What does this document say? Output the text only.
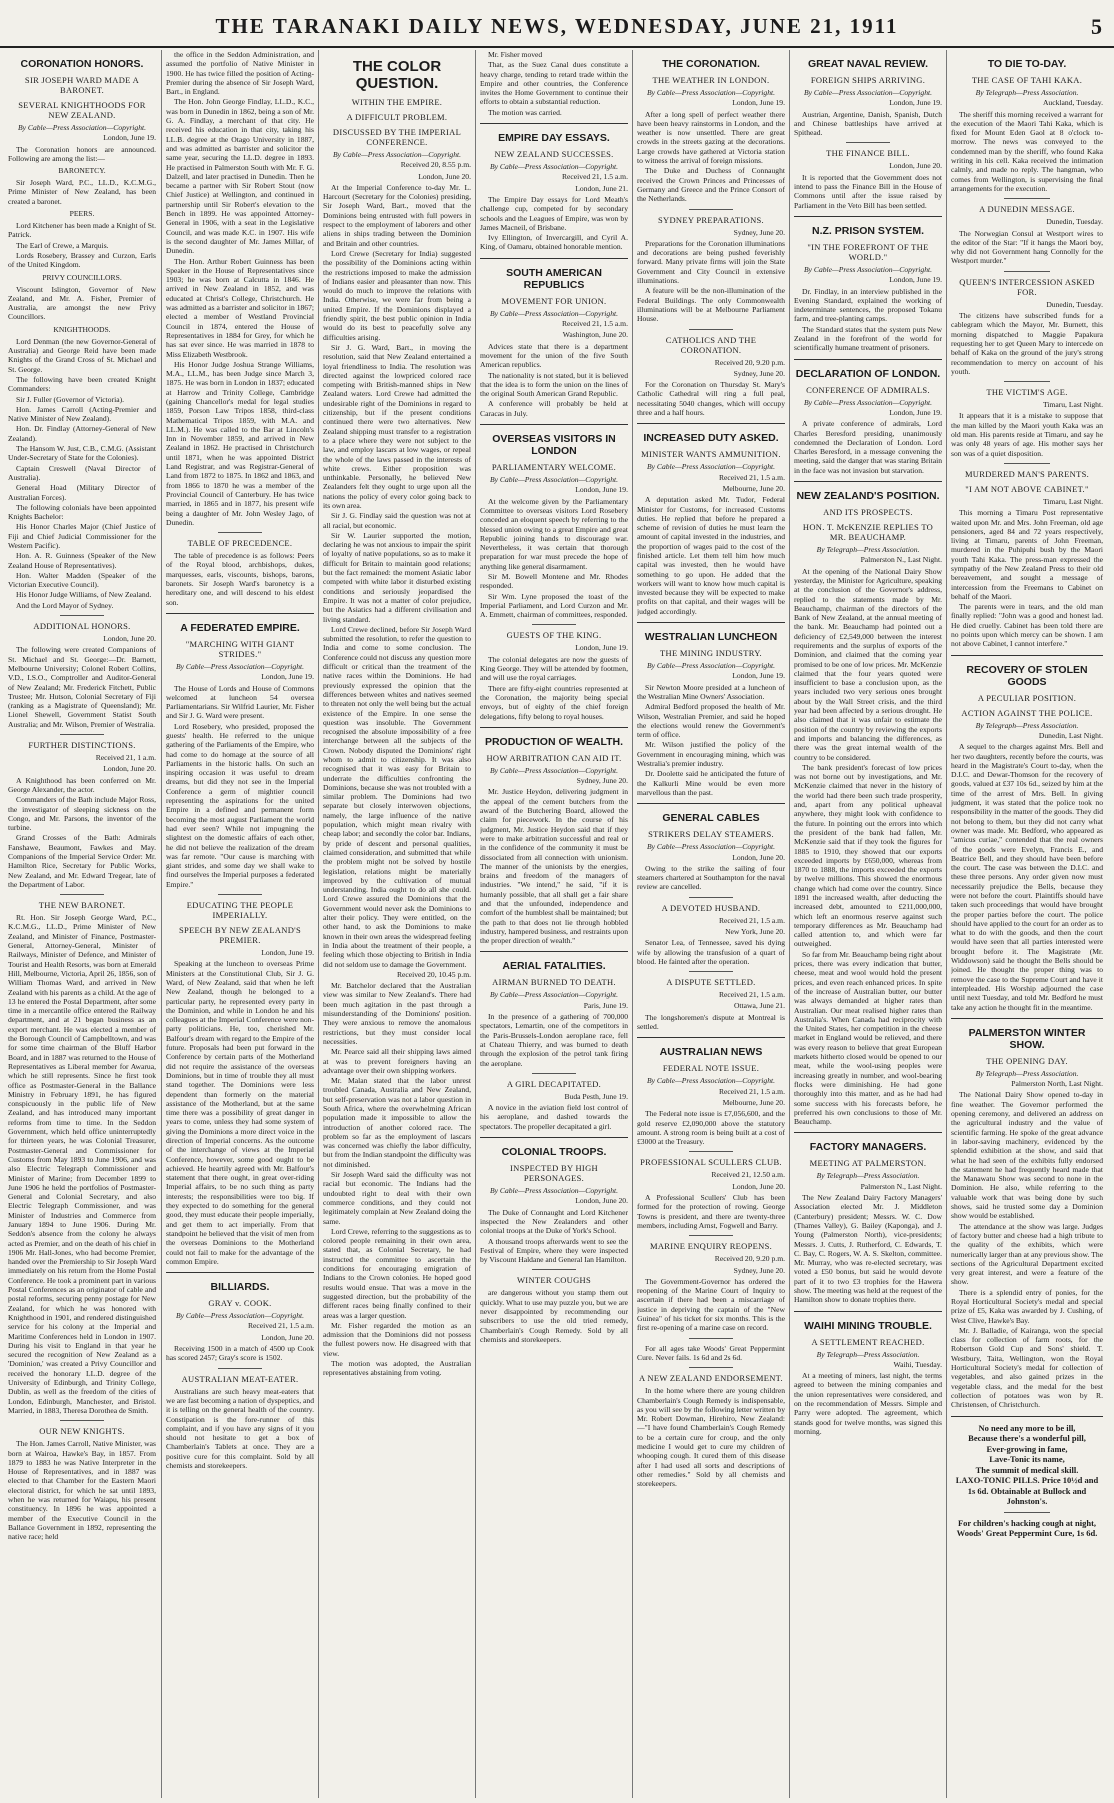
THE TARANAKI DAILY NEWS, WEDNESDAY, JUNE 21, 1911	5
CORONATION HONORS.
SIR JOSEPH WARD MADE A BARONET.
SEVERAL KNIGHTHOODS FOR NEW ZEALAND.
By Cable—Press Association—Copyright.
London, June 19.

The Coronation honors are announced. Following are among the list:—

BARONETCY.

Sir Joseph Ward, P.C., LL.D., K.C.M.G., Prime Minister of New Zealand, has been created a baronet.

PEERS.

Lord Kitchener has been made a Knight of St. Patrick.

The Earl of Crewe, a Marquis.

Lords Rosebery, Brassey and Curzon, Earls of the United Kingdom.

PRIVY COUNCILLORS.

Viscount Islington, Governor of New Zealand, and Mr. A. Fisher, Premier of Australia, are amongst the new Privy Councillors.

KNIGHTHOODS.

Lord Denman (the new Governor-General of Australia) and George Reid have been made Knights of the Grand Cross of St. Michael and St. George.

The following have been created Knight Commanders:

Sir J. Fuller (Governor of Victoria).

Hon. James Carroll (Acting-Premier and Native Minister of New Zealand).

Hon. Dr. Findlay (Attorney-General of New Zealand).

The Hansom W. Just, C.B., C.M.G. (Assistant Under-Secretary of State for the Colonies).

Captain Creswell (Naval Director of Australia).

General Hoad (Military Director of Australian Forces).

The following colonials have been appointed Knights Bachelor:

His Honor Charles Major (Chief Justice of Fiji and Chief Judicial Commissioner for the Western Pacific).

Hon. A. R. Guinness (Speaker of the New Zealand House of Representatives).

Hon. Walter Madden (Speaker of the Victorian Executive Council).

His Honor Judge Williams, of New Zealand.

And the Lord Mayor of Sydney.

ADDITIONAL HONORS.
London, June 20.

The following were created Companions of St. Michael and St. George:—Dr. Barnett, Melbourne University; Colonel Robert Collins, V.D., I.S.O., Comptroller and Auditor-General of New Zealand; Mr. Frederick Fitchett, Public Trustee; Mr. Hutson, Colonial Secretary of Fiji (ranking as a Magistrate of Queensland); Mr. Lionel Shewell, Government Statist South Australia; and Mr. Wilson, Premier of Westralia.

FURTHER DISTINCTIONS.
Received 21, 1 a.m.
London, June 20.

A Knighthood has been conferred on Mr. George Alexander, the actor.

Commanders of the Bath include Major Ross, the investigator of sleeping sickness on the Congo, and Mr. Parsons, the inventor of the turbine.

Grand Crosses of the Bath: Admirals Fanshawe, Beaumont, Fawkes and May. Companions of the Imperial Service Order: Mr. Hamilton Rice, Secretary for Public Works, New Zealand, and Mr. Edward Tregear, late of the Department of Labor.

THE NEW BARONET.

Rt. Hon. Sir Joseph George Ward, P.C., K.C.M.G., LL.D., Prime Minister of New Zealand, and Minister of Finance, Postmaster-General, Attorney-General, Minister of Railways, Minister of Defence, and Minister of Tourist and Health Resorts, was born at Emerald Hill, Melbourne, Victoria, April 26, 1856, son of William Thomas Ward, and arrived in New Zealand with his parents as a child. At the age of 13 he entered the Postal Department, after some time in a mercantile office entered the Railway department, and at 21 began business as an export merchant. He was elected a member of the Borough Council of Campbelltown, and was for some time chairman of the Bluff Harbor Board, and in 1887 was returned to the House of Representatives as Liberal member for Awarua, which he still represents. Since he first took office as Postmaster-General in the Ballance Ministry in February 1891, he has figured conspicuously in the public life of New Zealand, and has introduced many important reforms from time to time. In the Seddon Government, which held office uninterruptedly for thirteen years, he was Colonial Treasurer, Postmaster-General and Commissioner for Customs from May 1893 to June 1906, and was also Electric Telegraph Commissioner and Minister of Marine; from December 1899 to June 1906 he held the portfolios of Postmaster-General and Colonial Secretary, and also Electric Telegraph Commissioner, and was Minister of Industries and Commerce from January 1894 to June 1906. During Mr. Seddon's absence from the colony he always acted as Premier, and on the death of his chief in 1906 Mr. Hall-Jones, who had become Premier, handed over the Premiership to Sir Joseph Ward immediately on his return from the Home Postal Conference. He took a prominent part in various Postal Conferences as an originator of cable and postal reforms, securing penny postage for New Zealand, for which he was honored with Knighthood in 1901, and rendered distinguished service for his colony at the Imperial and Maritime Conferences held in London in 1907. During his visit to England in that year he secured the recognition of New Zealand as a 'Dominion,' was created a Privy Councillor and received the honorary LL.D. degree of the University of Edinburgh, and Trinity College, Dublin, as well as the freedom of the cities of London, Edinburgh, Manchester, and Bristol. Married, in 1883, Theresa Dorothea de Smith.

OUR NEW KNIGHTS.

The Hon. James Carroll, Native Minister, was born at Wairoa, Hawke's Bay, in 1857. From 1879 to 1883 he was Native Interpreter in the House of Representatives, and in 1887 was elected to that Chamber for the Eastern Maori electoral district, for which he sat until 1893, when he was returned for Waiapu, his present constituency. In 1896 he was appointed a member of the Executive Council in the Ballance Government in 1892, representing the native race; held

the office in the Seddon Administration, and assumed the portfolio of Native Minister in 1900. He has twice filled the position of Acting-Premier during the absence of Sir Joseph Ward, Bart., in England.

The Hon. John George Findlay, LL.D., K.C., was born in Dunedin in 1862, being a son of Mr. G. A. Findlay, a merchant of that city. He received his education in that city, taking his LL.B. degree at the Otago University in 1887, and was admitted as barrister and solicitor the same year, securing the LL.D. degree in 1893. He practised in Palmerston South with Mr. F. G. Dalzell, and later practised in Dunedin. Then he became a partner with Sir Robert Stout (now Chief Justice) at Wellington, and continued in partnership until Sir Robert's elevation to the Bench in 1899. He was appointed Attorney-General in 1906, with a seat in the Legislative Council, and was made K.C. in 1907. His wife is the second daughter of Mr. James Millar, of Dunedin.

The Hon. Arthur Robert Guinness has been Speaker in the House of Representatives since 1903; he was born at Calcutta in 1846. He arrived in New Zealand in 1852, and was educated at Christ's College, Christchurch. He was admitted as a barrister and solicitor in 1867; elected a member of Westland Provincial Council in 1874, entered the House of Representatives in 1884 for Grey, for which he has sat ever since. He was married in 1878 to Miss Elizabeth Westbrook.

His Honor Judge Joshua Strange Williams, M.A., LL.M., has been Judge since March 3, 1875. He was born in London in 1837; educated at Harrow and Trinity College, Cambridge (gaining Chancellor's medal for legal studies 1859, Porson Law Tripos 1858, third-class Mathematical Tripos 1859, with M.A. and LL.M.). He was called to the Bar at Lincoln's Inn in November 1859, and arrived in New Zealand in 1862. He practised in Christchurch until 1871, when he was appointed District Land Registrar, and was Registrar-General of Land from 1872 to 1875. In 1862 and 1863, and from 1866 to 1870 he was a member of the Provincial Council of Canterbury. He has twice married, in 1865 and in 1877, his present wife being a daughter of Mr. John Wesley Jago, of Dunedin.

TABLE OF PRECEDENCE.

The table of precedence is as follows: Peers of the Royal blood, archbishops, dukes, marquesses, earls, viscounts, bishops, barons, baronets. Sir Joseph Ward's baronetcy is a hereditary one, and will descend to his eldest son.

A FEDERATED EMPIRE.
"MARCHING WITH GIANT STRIDES."
By Cable—Press Association—Copyright.
London, June 19.

The House of Lords and House of Commons welcomed at luncheon 54 oversea Parliamentarians. Sir Wilfrid Laurier, Mr. Fisher and Sir J. G. Ward were present.

Lord Rosebery, who presided, proposed the guests' health. He referred to the unique gathering of the Parliaments of the Empire, who had come to do homage at the source of all Parliaments in the historic halls. On such an inspiring occasion it was useful to dream dreams, but did they not see in the Imperial Conference a germ of mightier council representing the aspirations for the united Empire in a defined and permanent form becoming the most august Parliament the world had ever seen? While not impugning the slightest on the domestic affairs of each other, he did not believe the realization of the dream was far remote. "Our cause is marching with giant strides, and some day we shall wake to find ourselves the Imperial purposes a federated Empire."

EDUCATING THE PEOPLE IMPERIALLY.
SPEECH BY NEW ZEALAND'S PREMIER.
London, June 19.

Speaking at the luncheon to overseas Prime Ministers at the Constitutional Club, Sir J. G. Ward, of New Zealand, said that when he left New Zealand, though he belonged to a particular party, he represented every party in the Dominion, and while in London he and his colleagues at the Imperial Conference were non-party politicians. He, too, cherished Mr. Balfour's dream with regard to the Empire of the future. Proposals had been put forward in the Conference by certain parts of the Motherland did not require the assistance of the overseas Dominions, but in time of trouble they all must stand together. The Dominions were less dependent than formerly on the material assistance of the Motherland, but at the same time there was a possibility of great danger in years to come, unless they had some system of giving the Dominions a more direct voice in the direction of Imperial concerns. As the outcome of the interchange of views at the Imperial Conference, however, some good ought to be achieved. He heartily agreed with Mr. Balfour's statement that there ought, in great over-riding Imperial affairs, to be no such thing as party interests; the responsibilities were too big. If they expected to do something for the general good, they must educate their people imperially, and get them to act imperially. From that standpoint he believed that the visit of men from the overseas Dominions to the Motherland could not fail to make for the advantage of the common Empire.

BILLIARDS.
GRAY v. COOK.
By Cable—Press Association—Copyright.
Received 21, 1.5 a.m.
London, June 20.

Receiving 1500 in a match of 4500 up Cook has scored 2457; Gray's score is 1502.

AUSTRALIAN MEAT-EATER.

Australians are such heavy meat-eaters that we are fast becoming a nation of dyspeptics, and it is telling on the general health of the country. Constipation is the fore-runner of this complaint, and if you have any signs of it you should not hesitate to get a box of Chamberlain's Tablets at once. They are a positive cure for this complaint. Sold by all chemists and storekeepers.

THE COLOR QUESTION.
WITHIN THE EMPIRE.
A DIFFICULT PROBLEM.
DISCUSSED BY THE IMPERIAL CONFERENCE.
By Cable—Press Association—Copyright.
Received 20, 8.55 p.m.
London, June 20.

At the Imperial Conference to-day Mr. L. Harcourt (Secretary for the Colonies) presiding, Sir Joseph Ward, Bart., moved that the Dominions being entrusted with full powers in respect to the employment of laborers and other aliens in ships trading between the Dominion and Britain and other countries.

Lord Crewe (Secretary for India) suggested the possibility of the Dominions acting within the restrictions imposed to make the admission of Indians easier and pleasanter than now. This would do much to improve the relations with India. Otherwise, we were far from being a united Empire. If the Dominions displayed a friendly spirit, the best public opinion in India would do its best to peacefully solve any difficulties arising.

Sir J. G. Ward, Bart., in moving the resolution, said that New Zealand entertained a loyal friendliness to India. The resolution was directed against the lowpriced colored race competing with British-manned ships in New Zealand waters. Lord Crewe had admitted the undesirable right of the Dominions in regard to citizenship, but if the present conditions continued there were two alternatives. New Zealand shipping must transfer to a registration to a place where they were not subject to the law, and employ lascars at low wages, or repeal the whole of the laws passed in the interests of white crews. Either proposition was unthinkable. Personally, he believed New Zealanders felt they ought to urge upon all the nations the policy of every color going back to its own area.

Sir J. G. Findlay said the question was not at all racial, but economic.

Sir W. Laurier supported the motion, declaring he was not anxious to impair the spirit of loyalty of native populations, so as to make it difficult for Britain to maintain good relations; but the fact remained: the moment Asiatic labor competed with white labor it disturbed existing conditions and seriously jeopardised the Empire. It was not a matter of color prejudice, but the Asiatics had a different civilisation and living standard.

Lord Crewe declined, before Sir Joseph Ward submitted the resolution, to refer the question to India and come to some conclusion. The Conference could not discuss any question more difficult or critical than the treatment of the native races within the Dominions. He had previously expressed the opinion that the differences between whites and natives seemed to threaten not only the well being but the actual existence of the Empire. In one sense the question was insoluble. The Government recognised the absolute impossibility of a free interchange between all the subjects of the Crown. Nobody disputed the Dominions' right whom to admit to citizenship. It was also recognised that it was easy for Britain to underrate the difficulties confronting the Dominions, because she was not troubled with a similar problem. The Dominions had two separate but closely interwoven objections, namely, the large influence of the native population, which might mean rivalry with cheap labor; and secondly the color bar. Indians, by pride of descent and personal qualities, claimed consideration, and submitted that while the problem might not be solved by hostile legislation, relations might be materially improved by the cultivation of mutual understanding. India ought to do all she could. Lord Crewe assured the Dominions that the Government would never ask the Dominions to alter their policy. They were entitled, on the other hand, to ask the Dominions to make known in their own areas the widespread feeling in India about the treatment of their people, a feeling which those objecting to British in India did not seldom use to damage the Government.

Received 20, 10.45 p.m.

Mr. Batchelor declared that the Australian view was similar to New Zealand's. There had been much agitation in the past through a misunderstanding of the Dominions' position. They were anxious to remove the anomalous restrictions, but they must consider local necessities.

Mr. Pearce said all their shipping laws aimed at was to prevent foreigners having an advantage over their own shipping workers.

Mr. Malan stated that the labor unrest troubled Canada, Australia and New Zealand, but self-preservation was not a labor question in South Africa, where the overwhelming African population made it impossible to allow the introduction of another colored race. The problem so far as the employment of lascars was concerned was chiefly the labor difficulty, but from the Indian standpoint the difficulty was not diminished.

Sir Joseph Ward said the difficulty was not racial but economic. The Indians had the undoubted right to deal with their own commerce conditions, and they could not legitimately complain at New Zealand doing the same.

Lord Crewe, referring to the suggestions as to colored people remaining in their own area, stated that, as Colonial Secretary, he had instructed the committee to ascertain the conditions for encouraging emigration of Indians to the Crown colonies. He hoped good results would ensue. That was a move in the suggested direction, but the probability of the different races being finally confined to their areas was a larger question.

Mr. Fisher regarded the motion as an admission that the Dominions did not possess the fullest powers now. He disagreed with that view.

The motion was adopted, the Australian representatives abstaining from voting.

Mr. Fisher moved

That, as the Suez Canal dues constitute a heavy charge, tending to retard trade within the Empire and other countries, the Conference invites the Home Government to continue their efforts to obtain a substantial reduction.

The motion was carried.

EMPIRE DAY ESSAYS.
NEW ZEALAND SUCCESSES.
By Cable—Press Association—Copyright.
Received 21, 1.5 a.m.
London, June 21.

The Empire Day essays for Lord Meath's challenge cup, competed for by secondary schools and the Leagues of Empire, was won by James Macneil, of Brisbane.

Ivy Ellington, of Invercargill, and Cyril A. King, of Oamaru, obtained honorable mention.

SOUTH AMERICAN REPUBLICS
MOVEMENT FOR UNION.
By Cable—Press Association—Copyright.
Received 21, 1.5 a.m.
Washington, June 20.

Advices state that there is a department movement for the union of the five South American republics.

The nationality is not stated, but it is believed that the idea is to form the union on the lines of the original South American Grand Republic.

A conference will probably be held at Caracas in July.

OVERSEAS VISITORS IN LONDON
PARLIAMENTARY WELCOME.
By Cable—Press Association—Copyright.
London, June 19.

At the welcome given by the Parliamentary Committee to overseas visitors Lord Rosebery conceded an eloquent speech by referring to the blessed union owing to a great Empire and great Republic joining hands to discourage war. Nevertheless, it was certain that thorough preparation for war must precede the hope of anything like general disarmament.

Sir M. Bowell Montene and Mr. Rhodes responded.

Sir Wm. Lyne proposed the toast of the Imperial Parliament, and Lord Curzon and Mr. A. Emmett, chairman of committees, responded.

GUESTS OF THE KING.
London, June 19.

The colonial delegates are now the guests of King George. They will be attended by footmen, and will use the royal carriages.

There are fifty-eight countries represented at the Coronation, the majority being special envoys, but of eighty of the chief foreign delegations, fifty belong to royal houses.

PRODUCTION OF WEALTH.
HOW ARBITRATION CAN AID IT.
By Cable—Press Association—Copyright.
Sydney, June 20.

Mr. Justice Heydon, delivering judgment in the appeal of the cement butchers from the award of the Butchering Board, allowed the claim for piecework. In the course of his judgment, Mr. Justice Heydon said that if they were to make arbitration successful and real or in the confidence of the community it must be dissociated from all connection with unionism. The manner of the unionists by the energies, brains and freedom of the managers of industries. "We intend," he said, "if it is humanly possible, that all shall get a fair share and that the unfounded, independence and comfort of the humblest shall be maintained; but the path to that does not lie through hobbled industry, hampered business, and restraints upon the proper direction of wealth."

AERIAL FATALITIES.
AIRMAN BURNED TO DEATH.
By Cable—Press Association—Copyright.
Paris, June 19.

In the presence of a gathering of 700,000 spectators, Lemartin, one of the competitors in the Paris-Brussels-London aeroplane race, fell at Chateau Thierry, and was burned to death through the explosion of the petrol tank firing the aeroplane.

A GIRL DECAPITATED.
Buda Pesth, June 19.

A novice in the aviation field lost control of his aeroplane, and dashed towards the spectators. The propeller decapitated a girl.

COLONIAL TROOPS.
INSPECTED BY HIGH PERSONAGES.
By Cable—Press Association—Copyright.
London, June 20.

The Duke of Connaught and Lord Kitchener inspected the New Zealanders and other colonial troops at the Duke of York's School.

A thousand troops afterwards went to see the Festival of Empire, where they were inspected by Viscount Haldane and General Ian Hamilton.

WINTER COUGHS

are dangerous without you stamp them out quickly. What to use may puzzle you, but we are never disappointed by recommending our subscribers to use the old tried remedy, Chamberlain's Cough Remedy. Sold by all chemists and storekeepers.

THE CORONATION.
THE WEATHER IN LONDON.
By Cable—Press Association—Copyright.
London, June 19.

After a long spell of perfect weather there have been heavy rainstorms in London, and the weather is now unsettled. There are great crowds in the streets gazing at the decorations. Large crowds have gathered at Victoria station to witness the arrival of foreign missions.

The Duke and Duchess of Connaught received the Crown Princes and Princesses of Germany and Greece and the Prince Consort of the Netherlands.

SYDNEY PREPARATIONS.
Sydney, June 20.

Preparations for the Coronation illuminations and decorations are being pushed feverishly forward. Many private firms will join the State Government and City Council in extensive illuminations.

A feature will be the non-illumination of the Federal Buildings. The only Commonwealth illuminations will be at Melbourne Parliament House.

CATHOLICS AND THE CORONATION.
Received 20, 9.20 p.m.
Sydney, June 20.

For the Coronation on Thursday St. Mary's Catholic Cathedral will ring a full peal, necessitating 5040 changes, which will occupy three and a half hours.

INCREASED DUTY ASKED.
MINISTER WANTS AMMUNITION.
By Cable—Press Association—Copyright.
Received 21, 1.5 a.m.
Melbourne, June 20.

A deputation asked Mr. Tudor, Federal Minister for Customs, for increased Customs duties. He replied that before he prepared a scheme of revision of duties he must learn the amount of capital invested in the industries, and the proportion of wages paid to the cost of the finished article. Let them tell him how much capital was invested, then he would have something to go upon. He added that the workers will want to know how much capital is invested because they will be expected to make profits on that capital, and their wages will be judged accordingly.

WESTRALIAN LUNCHEON
THE MINING INDUSTRY.
By Cable—Press Association—Copyright.
London, June 19.

Sir Newton Moore presided at a luncheon of the Westralian Mine Owners' Association.

Admiral Bedford proposed the health of Mr. Wilson, Westralian Premier, and said he hoped the elections would renew the Government's term of office.

Mr. Wilson justified the policy of the Government in encouraging mining, which was Westralia's premier industry.

Dr. Doolette said he anticipated the future of the Kalkurli Mine would be even more marvellous than the past.

GENERAL CABLES
STRIKERS DELAY STEAMERS.
By Cable—Press Association—Copyright.
London, June 20.

Owing to the strike the sailing of four steamers chartered at Southampton for the naval review are cancelled.

A DEVOTED HUSBAND.
Received 21, 1.5 a.m.
New York, June 20.

Senator Lea, of Tennessee, saved his dying wife by allowing the transfusion of a quart of blood. He fainted after the operation.

A DISPUTE SETTLED.
Received 21, 1.5 a.m.
Ottawa, June 21.

The longshoremen's dispute at Montreal is settled.

AUSTRALIAN NEWS
FEDERAL NOTE ISSUE.
By Cable—Press Association—Copyright.
Received 21, 1.5 a.m.
Melbourne, June 20.

The Federal note issue is £7,056,600, and the gold reserve £2,090,000 above the statutory amount. A strong room is being built at a cost of £3000 at the Treasury.

PROFESSIONAL SCULLERS CLUB.
Received 21, 12.50 a.m.
London, June 20.

A Professional Scullers' Club has been formed for the protection of rowing. George Towns is president, and there are twenty-three members, including Arnst, Fogwell and Barry.

MARINE ENQUIRY REOPENS.
Received 20, 9.20 p.m.
Sydney, June 20.

The Government-Governor has ordered the reopening of the Marine Court of Inquiry to ascertain if there had been a miscarriage of justice in depriving the captain of the "New Guinea" of his ticket for six months. This is the first re-opening of a marine case on record.

For all ages take Woods' Great Peppermint Cure. Never fails. 1s 6d and 2s 6d.

A NEW ZEALAND ENDORSEMENT.

In the home where there are young children Chamberlain's Cough Remedy is indispensable, as you will see by the following letter written by Mr. Robert Dowman, Hirehiro, New Zealand:—"I have found Chamberlain's Cough Remedy to be a certain cure for croup, and the only medicine I would get to cure my children of whooping cough. It cured them of this disease after I had used all sorts and descriptions of other remedies." Sold by all chemists and storekeepers.

GREAT NAVAL REVIEW.
FOREIGN SHIPS ARRIVING.
By Cable—Press Association—Copyright.
London, June 19.

Austrian, Argentine, Danish, Spanish, Dutch and Chinese battleships have arrived at Spithead.

THE FINANCE BILL.
London, June 20.

It is reported that the Government does not intend to pass the Finance Bill in the House of Commons until after the issue raised by Parliament in the Veto Bill has been settled.

N.Z. PRISON SYSTEM.
"IN THE FOREFRONT OF THE WORLD."
By Cable—Press Association—Copyright.
London, June 19.

Dr. Findlay, in an interview published in the Evening Standard, explained the working of indeterminate sentences, the proposed Tokanu farm, and tree-planting camps.

The Standard states that the system puts New Zealand in the forefront of the world for scientifically humane treatment of prisoners.

DECLARATION OF LONDON.
CONFERENCE OF ADMIRALS.
By Cable—Press Association—Copyright.
London, June 19.

A private conference of admirals, Lord Charles Beresford presiding, unanimously condemned the Declaration of London. Lord Charles Beresford, in a message convening the meeting, said the danger that was staring Britain in the face was not invasion but starvation.

NEW ZEALAND'S POSITION.
AND ITS PROSPECTS.
HON. T. McKENZIE REPLIES TO MR. BEAUCHAMP.
By Telegraph—Press Association.
Palmerston N., Last Night.

At the opening of the National Dairy Show yesterday, the Minister for Agriculture, speaking at the conclusion of the Governor's address, replied to the statements made by Mr. Beauchamp, chairman of the directors of the Bank of New Zealand, at the annual meeting of the bank. Mr. Beauchamp had pointed out a deficiency of £2,549,000 between the interest requirements and the surplus of exports of the Dominion, and claimed that the coming year promised to be one of low prices. Mr. McKenzie claimed that the four years quoted were insufficient to base a conclusion upon, as the years included two very serious ones brought about by the Wall Street crisis, and the third year had been affected by a serious drought. He also claimed that it was unfair to estimate the position of the country by reviewing the exports and imports and balancing the differences, as there was the great internal wealth of the country to be considered.

The bank president's forecast of low prices was not borne out by investigations, and Mr. McKenzie claimed that never in the history of the world had there been such trade prosperity, and, apart from any political upheaval anywhere, they might look with confidence to the future. In pointing out the errors into which the president of the bank had fallen, Mr. McKenzie said that if they took the figures for 1885 to 1910, they showed that our exports exceeded imports by £650,000, whereas from 1870 to 1888, the imports exceeded the exports by twelve millions. This showed the enormous change which had come over the country. Since 1891 the increased wealth, after deducting the increased debt, amounted to £211,000,000, which left an enormous reserve against such temporary differences as Mr. Beauchamp had called attention to, and which were far outweighed.

So far from Mr. Beauchamp being right about prices, there was every indication that butter, cheese, meat and wool would hold the present prices, and even reach enhanced prices. In spite of the increase of Australian butter, our butter was always demanded at higher rates than Australian. Our meat realised higher rates than Australia's. When Canada had reciprocity with the United States, her competition in the cheese market in England would be relieved, and there was every reason to believe that great European markets hitherto closed would be opened to our meat, while the wool-using peoples were increasing greatly in number, and wool-bearing flocks were diminishing. He had gone thoroughly into this matter, and as he had had some success with his forecasts before, he preferred his own conclusions to those of Mr. Beauchamp.

FACTORY MANAGERS.
MEETING AT PALMERSTON.
By Telegraph—Press Association.
Palmerston N., Last Night.

The New Zealand Dairy Factory Managers' Association elected Mr. J. Middleton (Canterbury) president; Messrs. W. C. Dow (Thames Valley), G. Bailey (Kaponga), and J. Young (Palmerston North), vice-presidents; Messrs. J. Cutts, J. Rutherford, C. Edwards, T. C. Bay, C. Rogers, W. A. S. Skelton, committee. Mr. Murray, who was re-elected secretary, was voted a £50 bonus, but said he would devote part of it to two £3 trophies for the Hawera show. The meeting was held at the request of the Hamilton show to donate trophies there.

WAIHI MINING TROUBLE.
A SETTLEMENT REACHED.
By Telegraph—Press Association.
Waihi, Tuesday.

At a meeting of miners, last night, the terms agreed to between the mining companies and the union representatives were considered, and on the recommendation of Messrs. Simple and Parry were adopted. The agreement, which stands good for twelve months, was signed this morning.

TO DIE TO-DAY.
THE CASE OF TAHI KAKA.
By Telegraph—Press Association.
Auckland, Tuesday.

The sheriff this morning received a warrant for the execution of the Maori Tahi Kaka, which is fixed for Mount Eden Gaol at 8 o'clock to-morrow. The news was conveyed to the condemned man by the sheriff, who found Kaka writing in his cell. Kaka received the intimation calmly, and made no reply. The hangman, who comes from Wellington, is supervising the final arrangements for the execution.

A DUNEDIN MESSAGE.
Dunedin, Tuesday.

The Norwegian Consul at Westport wires to the editor of the Star: "If it hangs the Maori boy, why did not Government hang Connolly for the Westport murder."

QUEEN'S INTERCESSION ASKED FOR.
Dunedin, Tuesday.

The citizens have subscribed funds for a cablegram which the Mayor, Mr. Burnett, this morning dispatched to Maggie Papakura requesting her to get Queen Mary to intercede on behalf of Kaka on the ground of the jury's strong recommendation to mercy on account of his youth.

THE VICTIM'S AGE.
Timaru, Last Night.

It appears that it is a mistake to suppose that the man killed by the Maori youth Kaka was an old man. His parents reside at Timaru, and say he was only 48 years of age. His mother says her son was of a quiet disposition.

MURDERED MAN'S PARENTS.
"I AM NOT ABOVE CABINET."
Timaru, Last Night.

This morning a Timaru Post representative waited upon Mr. and Mrs. John Freeman, old age pensioners, aged 84 and 72 years respectively, living at Timaru, parents of John Freeman, murdered in the Puhipuhi bush by the Maori youth Tahi Kaka. The press-man expressed the sympathy of the New Zealand Press to their old bereavement, and sought a message of intercession from the Freemans to Cabinet on behalf of the Maori.

The parents were in tears, and the old man finally replied: "John was a good and honest lad. He died cruelly. Cabinet has been told there are no points upon which mercy can be shown. I am not above Cabinet, I cannot interfere."

RECOVERY OF STOLEN GOODS
A PECULIAR POSITION.
ACTION AGAINST THE POLICE.
By Telegraph—Press Association.
Dunedin, Last Night.

A sequel to the charges against Mrs. Bell and her two daughters, recently before the courts, was heard in the Magistrate's Court to-day, when the D.I.C. and Dewar-Thomson for the recovery of goods, valued at £37 10s 6d., seized by him at the time of the arrest of Mrs. Bell. In giving judgment, it was stated that the police took no responsibility in the matter of the goods. They did not belong to them, but they did not carry what owner was made. Mr. Bedford, who appeared as "amicus curiae," contended that the real owners of the goods were Evelyn, Francis E., and Beatrice Bell, and they should have been before the court. The case was between the D.I.C. and these three persons. Any order given now must necessarily prejudice the Bells, because they were not before the court. Plaintiffs should have taken such proceedings that would have brought the proper parties before the court. The police should have applied to the court for an order as to what to do with the goods, and then the court would have seen that all parties interested were brought before it. The Magistrate (Mr. Widdowson) said he thought the Bells should be joined. He thought the proper thing was to remove the case to the Supreme Court and have it interpleaded. His Worship adjourned the case until next Tuesday, and told Mr. Bedford he must take any action he thought fit in the meantime.

PALMERSTON WINTER SHOW.
THE OPENING DAY.
By Telegraph—Press Association.
Palmerston North, Last Night.

The National Dairy Show opened to-day in fine weather. The Governor performed the opening ceremony, and delivered an address on the agricultural industry and the value of scientific farming. He spoke of the great advance in labor-saving machinery, evidenced by the splendid exhibition at the show, and said that what he had seen of the exhibits fully endorsed the statement he had frequently heard made that the Manawatu Show was second to none in the Dominion. He also, while referring to the valuable work that was being done by such shows, said he trusted some day a Dominion show would be established.

The attendance at the show was large. Judges of factory butter and cheese had a high tribute to the quality of the exhibits, which were numerically larger than at any previous show. The sections of the Agricultural Department excited very great interest, and were a feature of the show.

There is a splendid entry of ponies, for the Royal Horticultural Society's medal and special prize of £5, Kaka was awarded by J. Cushing, of West Clive, Hawke's Bay.

Mr. J. Balladie, of Kairanga, won the special class for collection of farm roots, for the Robertson Gold Cup and Sons' shield. T. Westbury, Taita, Wellington, won the Royal Horticultural Society's medal for collection of vegetables, and also gained prizes in the vegetable class, and the medal for the best collection of potatoes was won by R. Christensen, of Christchurch.

No need any more to be ill,
Because there's a wonderful pill,
Ever-growing in fame,
Lave-Tonic its name,
The summit of medical skill.
LAXO-TONIC PILLS. Price 10½d and 1s 6d. Obtainable at Bullock and Johnston's.
For children's hacking cough at night, Woods' Great Peppermint Cure, 1s 6d.
